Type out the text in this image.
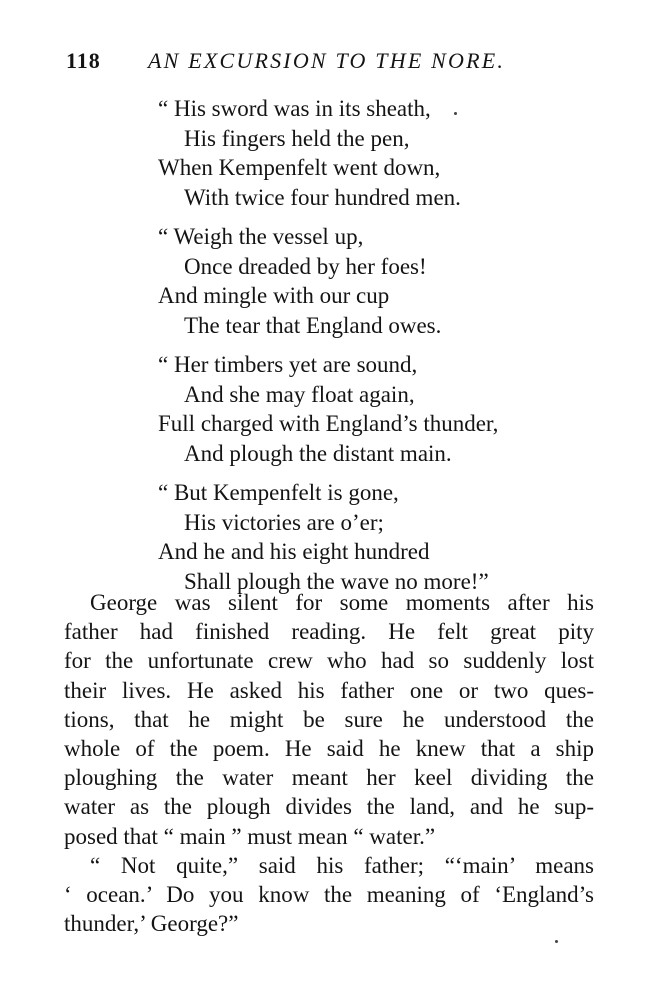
118 AN EXCURSION TO THE NORE.
“ His sword was in its sheath,
His fingers held the pen,
When Kempenfelt went down,
With twice four hundred men.
“ Weigh the vessel up,
Once dreaded by her foes!
And mingle with our cup
The tear that England owes.
“ Her timbers yet are sound,
And she may float again,
Full charged with England’s thunder,
And plough the distant main.
“ But Kempenfelt is gone,
His victories are o’er;
And he and his eight hundred
Shall plough the wave no more!”
George was silent for some moments after his
father had finished reading. He felt great pity
for the unfortunate crew who had so suddenly lost
their lives. He asked his father one or two ques-
tions, that he might be sure he understood the
whole of the poem. He said he knew that a ship
ploughing the water meant her keel dividing the
water as the plough divides the land, and he sup-
posed that “ main ” must mean “ water.”
“ Not quite,” said his father; “‘main’ means
‘ ocean.’ Do you know the meaning of ‘England’s
thunder,’ George?”
